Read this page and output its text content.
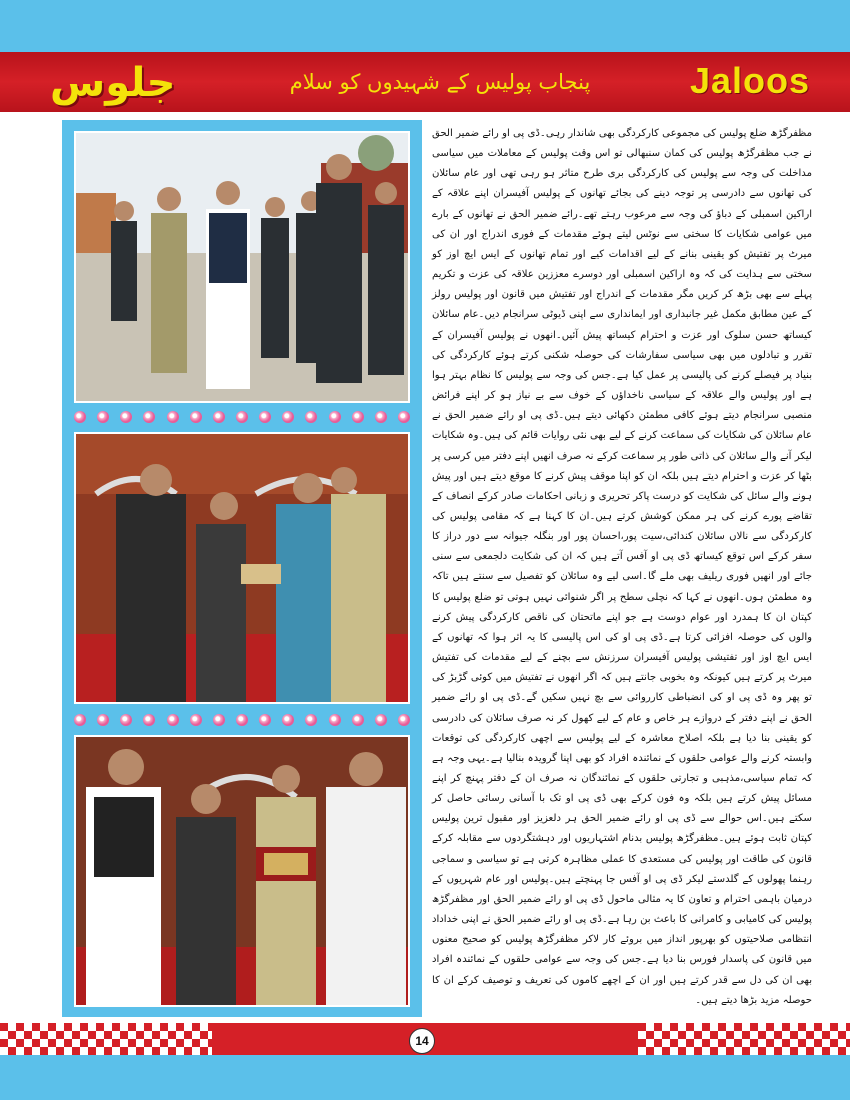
جلوس	پنجاب پولیس کے شہیدوں کو سلام	Jaloos

مظفرگڑھ ضلع پولیس کی مجموعی کارکردگی بھی شاندار رہی۔ڈی پی او رائے ضمیر الحق نے جب مظفرگڑھ پولیس کی کمان سنبھالی تو اس وقت پولیس کے معاملات میں سیاسی مداخلت کی وجہ سے پولیس کی کارکردگی بری طرح متاثر ہو رہی تھی اور عام سائلان کی تھانوں سے دادرسی پر توجہ دینے کی بجائے تھانوں کے پولیس آفیسران اپنے علاقہ کے اراکین اسمبلی کے دباؤ کی وجہ سے مرعوب رہتے تھے۔رائے ضمیر الحق نے تھانوں کے بارے میں عوامی شکایات کا سختی سے نوٹس لیتے ہوئے مقدمات کے فوری اندراج اور ان کی میرٹ پر تفتیش کو یقینی بنانے کے لیے اقدامات کیے اور تمام تھانوں کے ایس ایچ اوز کو سختی سے ہدایت کی کہ وہ اراکین اسمبلی اور دوسرے معززین علاقہ کی عزت و تکریم پہلے سے بھی بڑھ کر کریں مگر مقدمات کے اندراج اور تفتیش میں قانون اور پولیس رولز کے عین مطابق مکمل غیر جانبداری اور ایمانداری سے اپنی ڈیوٹی سرانجام دیں۔عام سائلان کیساتھ حسن سلوک اور عزت و احترام کیساتھ پیش آئیں۔انھوں نے پولیس آفیسران کے تقرر و تبادلوں میں بھی سیاسی سفارشات کی حوصلہ شکنی کرتے ہوئے کارکردگی کی بنیاد پر فیصلے کرنے کی پالیسی پر عمل کیا ہے۔جس کی وجہ سے پولیس کا نظام بہتر ہوا ہے اور پولیس والے علاقہ کے سیاسی ناخداؤں کے خوف سے بے نیاز ہو کر اپنے فرائض منصبی سرانجام دیتے ہوئے کافی مطمئن دکھائی دیتے ہیں۔ڈی پی او رائے ضمیر الحق نے عام سائلان کی شکایات کی سماعت کرنے کے لیے بھی نئی روایات قائم کی ہیں۔وہ شکایات لیکر آنے والے سائلان کی ذاتی طور پر سماعت کرکے نہ صرف انھیں اپنے دفتر میں کرسی پر بٹھا کر عزت و احترام دیتے ہیں بلکہ ان کو اپنا موقف پیش کرنے کا موقع دیتے ہیں اور پیش ہونے والے سائل کی شکایت کو درست پاکر تحریری و زبانی احکامات صادر کرکے انصاف کے تقاضے پورے کرنے کی ہر ممکن کوشش کرتے ہیں۔ان کا کہنا ہے کہ مقامی پولیس کی کارکردگی سے نالاں سائلان کندائی،سیت پور،احسان پور اور بنگلہ جیوانہ سے دور دراز کا سفر کرکے اس توقع کیساتھ ڈی پی او آفس آتے ہیں کہ ان کی شکایت دلجمعی سے سنی جائے اور انھیں فوری ریلیف بھی ملے گا۔اسی لیے وہ سائلان کو تفصیل سے سنتے ہیں تاکہ وہ مطمئن ہوں۔انھوں نے کہا کہ نچلی سطح پر اگر شنوائی نہیں ہوتی تو ضلع پولیس کا کپتان ان کا ہمدرد اور عوام دوست ہے جو اپنے ماتحتان کی ناقص کارکردگی پیش کرنے والوں کی حوصلہ افزائی کرتا ہے۔ڈی پی او کی اس پالیسی کا یہ اثر ہوا کہ تھانوں کے ایس ایچ اوز اور تفتیشی پولیس آفیسران سرزنش سے بچنے کے لیے مقدمات کی تفتیش میرٹ پر کرتے ہیں کیونکہ وہ بخوبی جانتے ہیں کہ اگر انھوں نے تفتیش میں کوئی گڑبڑ کی تو پھر وہ ڈی پی او کی انضباطی کارروائی سے بچ نہیں سکیں گے۔ڈی پی او رائے ضمیر الحق نے اپنے دفتر کے دروازے ہر خاص و عام کے لیے کھول کر نہ صرف سائلان کی دادرسی کو یقینی بنا دیا ہے بلکہ اصلاح معاشرہ کے لیے پولیس سے اچھی کارکردگی کی توقعات وابستہ کرنے والے عوامی حلقوں کے نمائندہ افراد کو بھی اپنا گرویدہ بنالیا ہے۔یہی وجہ ہے کہ تمام سیاسی،مذہبی و تجارتی حلقوں کے نمائندگان نہ صرف ان کے دفتر پہنچ کر اپنے مسائل پیش کرتے ہیں بلکہ وہ فون کرکے بھی ڈی پی او تک با آسانی رسائی حاصل کر سکتے ہیں۔اس حوالے سے ڈی پی او رائے ضمیر الحق ہر دلعزیز اور مقبول ترین پولیس کپتان ثابت ہوئے ہیں۔مظفرگڑھ پولیس بدنام اشتہاریوں اور دہشتگردوں سے مقابلہ کرکے قانون کی طاقت اور پولیس کی مستعدی کا عملی مظاہرہ کرتی ہے تو سیاسی و سماجی رہنما پھولوں کے گلدستے لیکر ڈی پی او آفس جا پہنچتے ہیں۔پولیس اور عام شہریوں کے درمیان باہمی احترام و تعاون کا یہ مثالی ماحول ڈی پی او رائے ضمیر الحق اور مظفرگڑھ پولیس کی کامیابی و کامرانی کا باعث بن رہا ہے۔ڈی پی او رائے ضمیر الحق نے اپنی خداداد انتظامی صلاحیتوں کو بھرپور انداز میں بروئے کار لاکر مظفرگڑھ پولیس کو صحیح معنوں میں قانون کی پاسدار فورس بنا دیا ہے۔جس کی وجہ سے عوامی حلقوں کے نمائندہ افراد بھی ان کی دل سے قدر کرتے ہیں اور ان کے اچھے کاموں کی تعریف و توصیف کرکے ان کا حوصلہ مزید بڑھا دیتے ہیں۔

14
